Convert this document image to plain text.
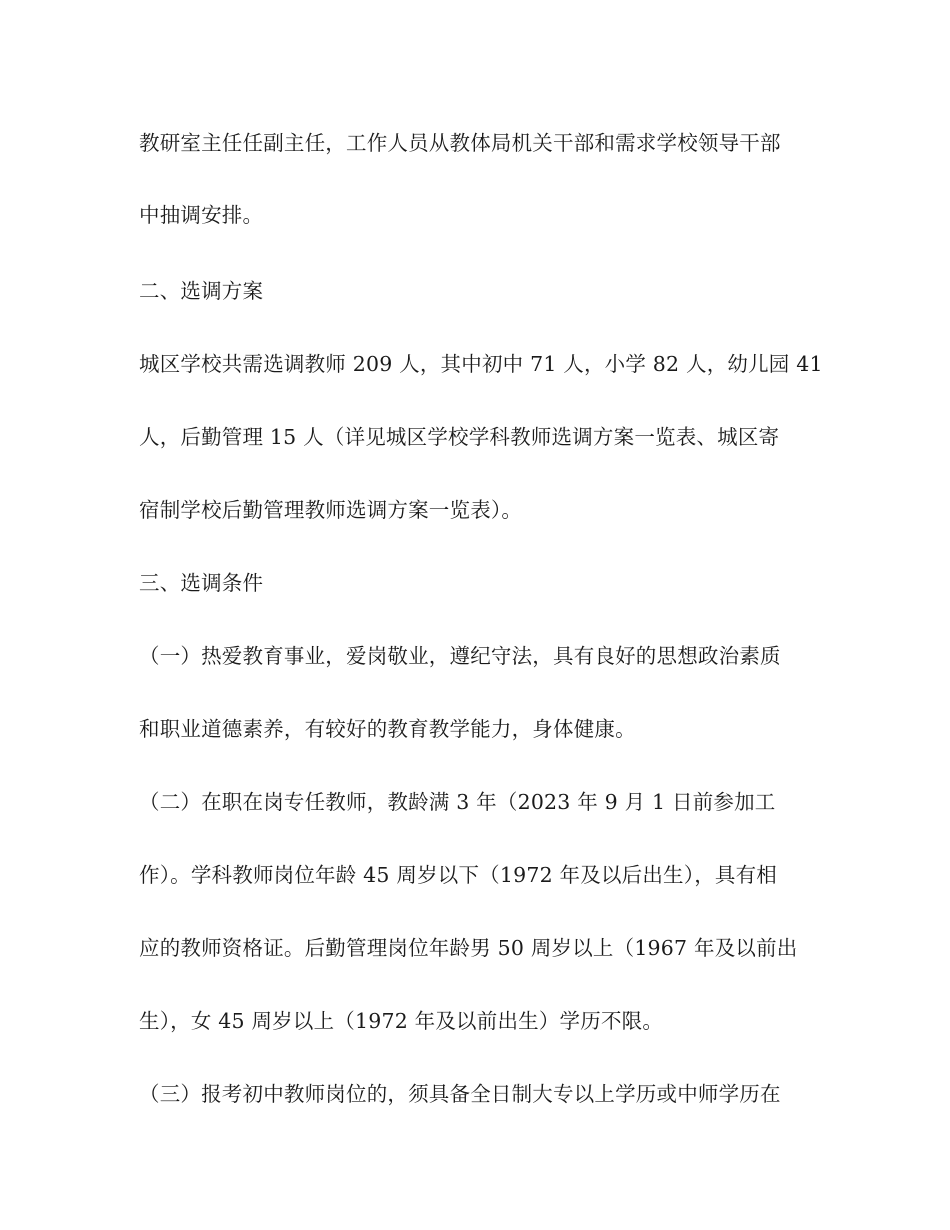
教研室主任任副主任，工作人员从教体局机关干部和需求学校领导干部

中抽调安排。

二、选调方案

城区学校共需选调教师 209 人，其中初中 71 人，小学 82 人，幼儿园 41

人，后勤管理 15 人（详见城区学校学科教师选调方案一览表、城区寄

宿制学校后勤管理教师选调方案一览表）。

三、选调条件

（一）热爱教育事业，爱岗敬业，遵纪守法，具有良好的思想政治素质

和职业道德素养，有较好的教育教学能力，身体健康。

（二）在职在岗专任教师，教龄满 3 年（2023 年 9 月 1 日前参加工

作）。学科教师岗位年龄 45 周岁以下（1972 年及以后出生），具有相

应的教师资格证。后勤管理岗位年龄男 50 周岁以上（1967 年及以前出

生），女 45 周岁以上（1972 年及以前出生）学历不限。

（三）报考初中教师岗位的，须具备全日制大专以上学历或中师学历在
